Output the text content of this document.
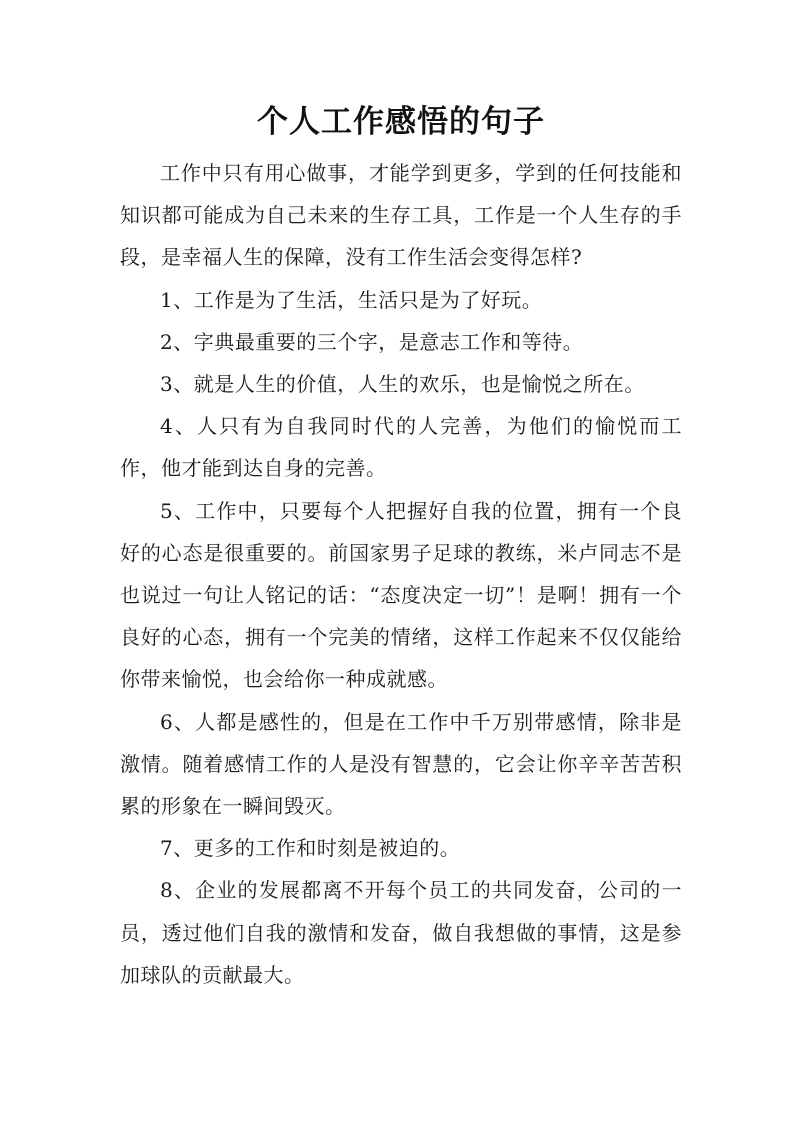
个人工作感悟的句子

工作中只有用心做事，才能学到更多，学到的任何技能和知识都可能成为自己未来的生存工具，工作是一个人生存的手段，是幸福人生的保障，没有工作生活会变得怎样?

1、工作是为了生活，生活只是为了好玩。

2、字典最重要的三个字，是意志工作和等待。

3、就是人生的价值，人生的欢乐，也是愉悦之所在。

4、人只有为自我同时代的人完善，为他们的愉悦而工作，他才能到达自身的完善。

5、工作中，只要每个人把握好自我的位置，拥有一个良好的心态是很重要的。前国家男子足球的教练，米卢同志不是也说过一句让人铭记的话：“态度决定一切”！是啊！拥有一个良好的心态，拥有一个完美的情绪，这样工作起来不仅仅能给你带来愉悦，也会给你一种成就感。

6、人都是感性的，但是在工作中千万别带感情，除非是激情。随着感情工作的人是没有智慧的，它会让你辛辛苦苦积累的形象在一瞬间毁灭。

7、更多的工作和时刻是被迫的。

8、企业的发展都离不开每个员工的共同发奋，公司的一员，透过他们自我的激情和发奋，做自我想做的事情，这是参加球队的贡献最大。
